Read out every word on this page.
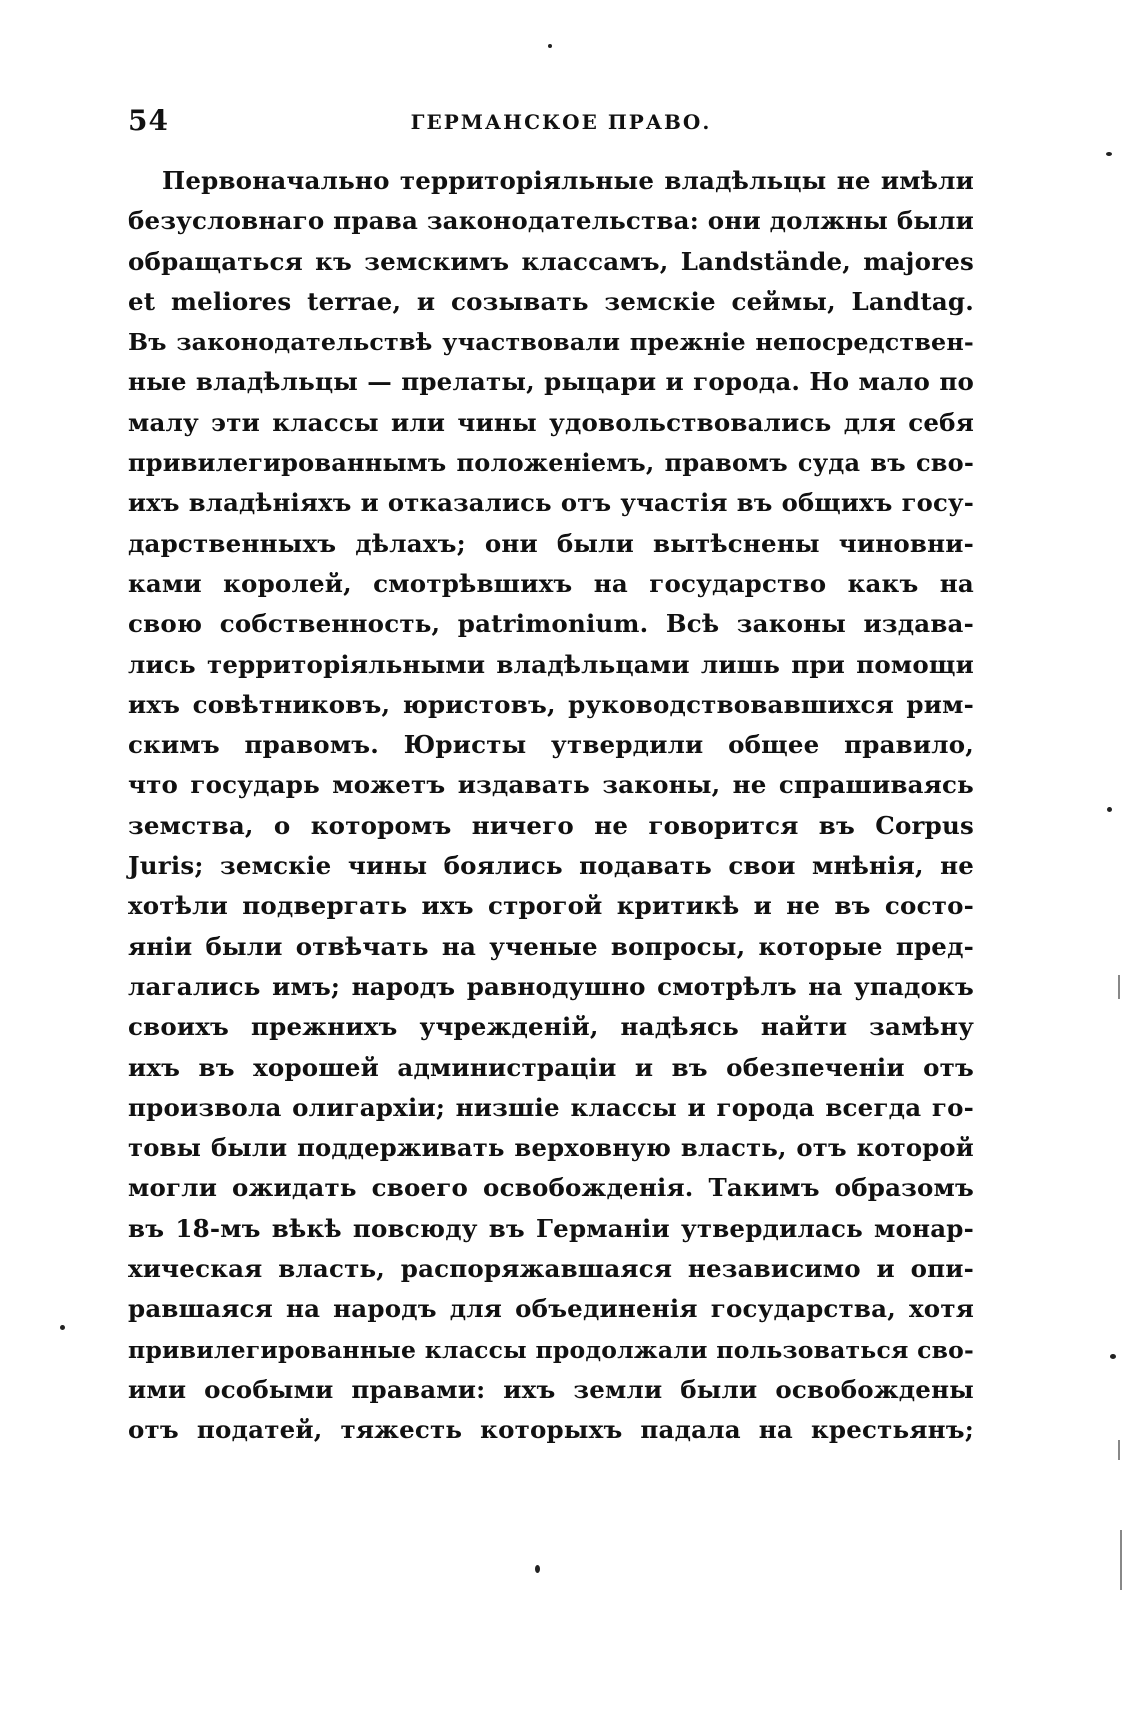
54	ГЕРМАНСКОЕ ПРАВО.
Первоначально территоріяльные владѣльцы не имѣли
безусловнаго права законодательства: они должны были
обращаться къ земскимъ классамъ, Landstände, majores
et meliores terrae, и созывать земскіе сеймы, Landtag.
Въ законодательствѣ участвовали прежніе непосредствен-
ные владѣльцы — прелаты, рыцари и города. Но мало по
малу эти классы или чины удовольствовались для себя
привилегированнымъ положеніемъ, правомъ суда въ сво-
ихъ владѣніяхъ и отказались отъ участія въ общихъ госу-
дарственныхъ дѣлахъ; они были вытѣснены чиновни-
ками королей, смотрѣвшихъ на государство какъ на
свою собственность, patrimonium. Всѣ законы издава-
лись территоріяльными владѣльцами лишь при помощи
ихъ совѣтниковъ, юристовъ, руководствовавшихся рим-
скимъ правомъ. Юристы утвердили общее правило,
что государь можетъ издавать законы, не спрашиваясь
земства, о которомъ ничего не говорится въ Corpus
Juris; земскіе чины боялись подавать свои мнѣнія, не
хотѣли подвергать ихъ строгой критикѣ и не въ состо-
яніи были отвѣчать на ученые вопросы, которые пред-
лагались имъ; народъ равнодушно смотрѣлъ на упадокъ
своихъ прежнихъ учрежденій, надѣясь найти замѣну
ихъ въ хорошей администраціи и въ обезпеченіи отъ
произвола олигархіи; низшіе классы и города всегда го-
товы были поддерживать верховную власть, отъ которой
могли ожидать своего освобожденія. Такимъ образомъ
въ 18-мъ вѣкѣ повсюду въ Германіи утвердилась монар-
хическая власть, распоряжавшаяся независимо и опи-
равшаяся на народъ для объединенія государства, хотя
привилегированные классы продолжали пользоваться сво-
ими особыми правами: ихъ земли были освобождены
отъ податей, тяжесть которыхъ падала на крестьянъ;
